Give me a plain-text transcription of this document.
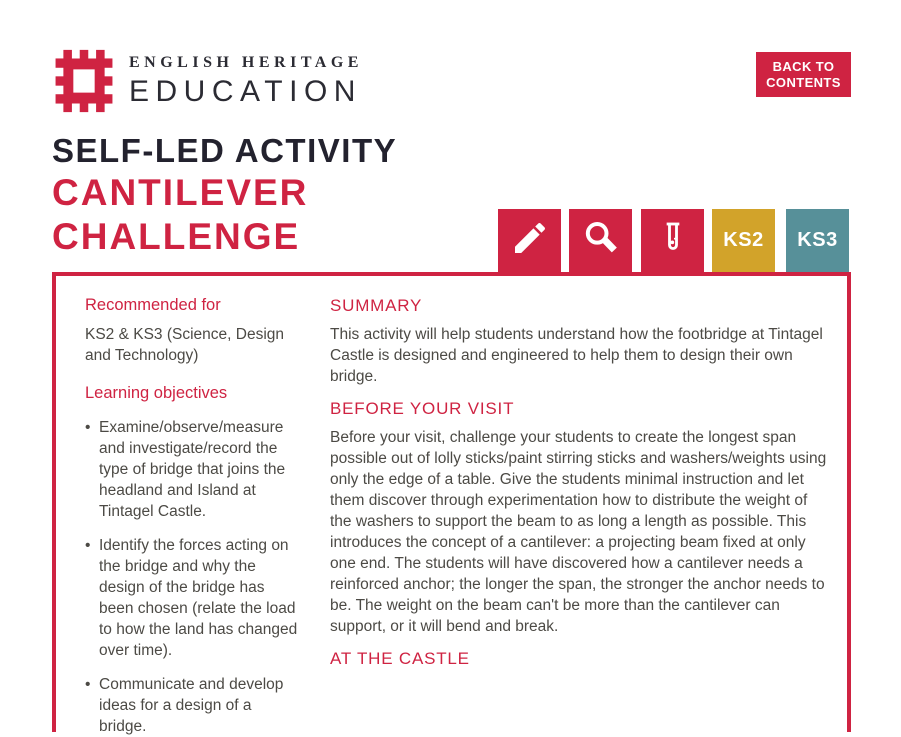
ENGLISH HERITAGE
EDUCATION
BACK TO CONTENTS
SELF-LED ACTIVITY
CANTILEVER
CHALLENGE	KS2 KS3
Recommended for
KS2 & KS3 (Science, Design and Technology)
Learning objectives
• Examine/observe/measure and investigate/record the type of bridge that joins the headland and Island at Tintagel Castle.
• Identify the forces acting on the bridge and why the design of the bridge has been chosen (relate the load to how the land has changed over time).
• Communicate and develop ideas for a design of a bridge.
SUMMARY
This activity will help students understand how the footbridge at Tintagel Castle is designed and engineered to help them to design their own bridge.
BEFORE YOUR VISIT
Before your visit, challenge your students to create the longest span possible out of lolly sticks/paint stirring sticks and washers/weights using only the edge of a table. Give the students minimal instruction and let them discover through experimentation how to distribute the weight of the washers to support the beam to as long a length as possible. This introduces the concept of a cantilever: a projecting beam fixed at only one end. The students will have discovered how a cantilever needs a reinforced anchor; the longer the span, the stronger the anchor needs to be. The weight on the beam can't be more than the cantilever can support, or it will bend and break.
AT THE CASTLE
